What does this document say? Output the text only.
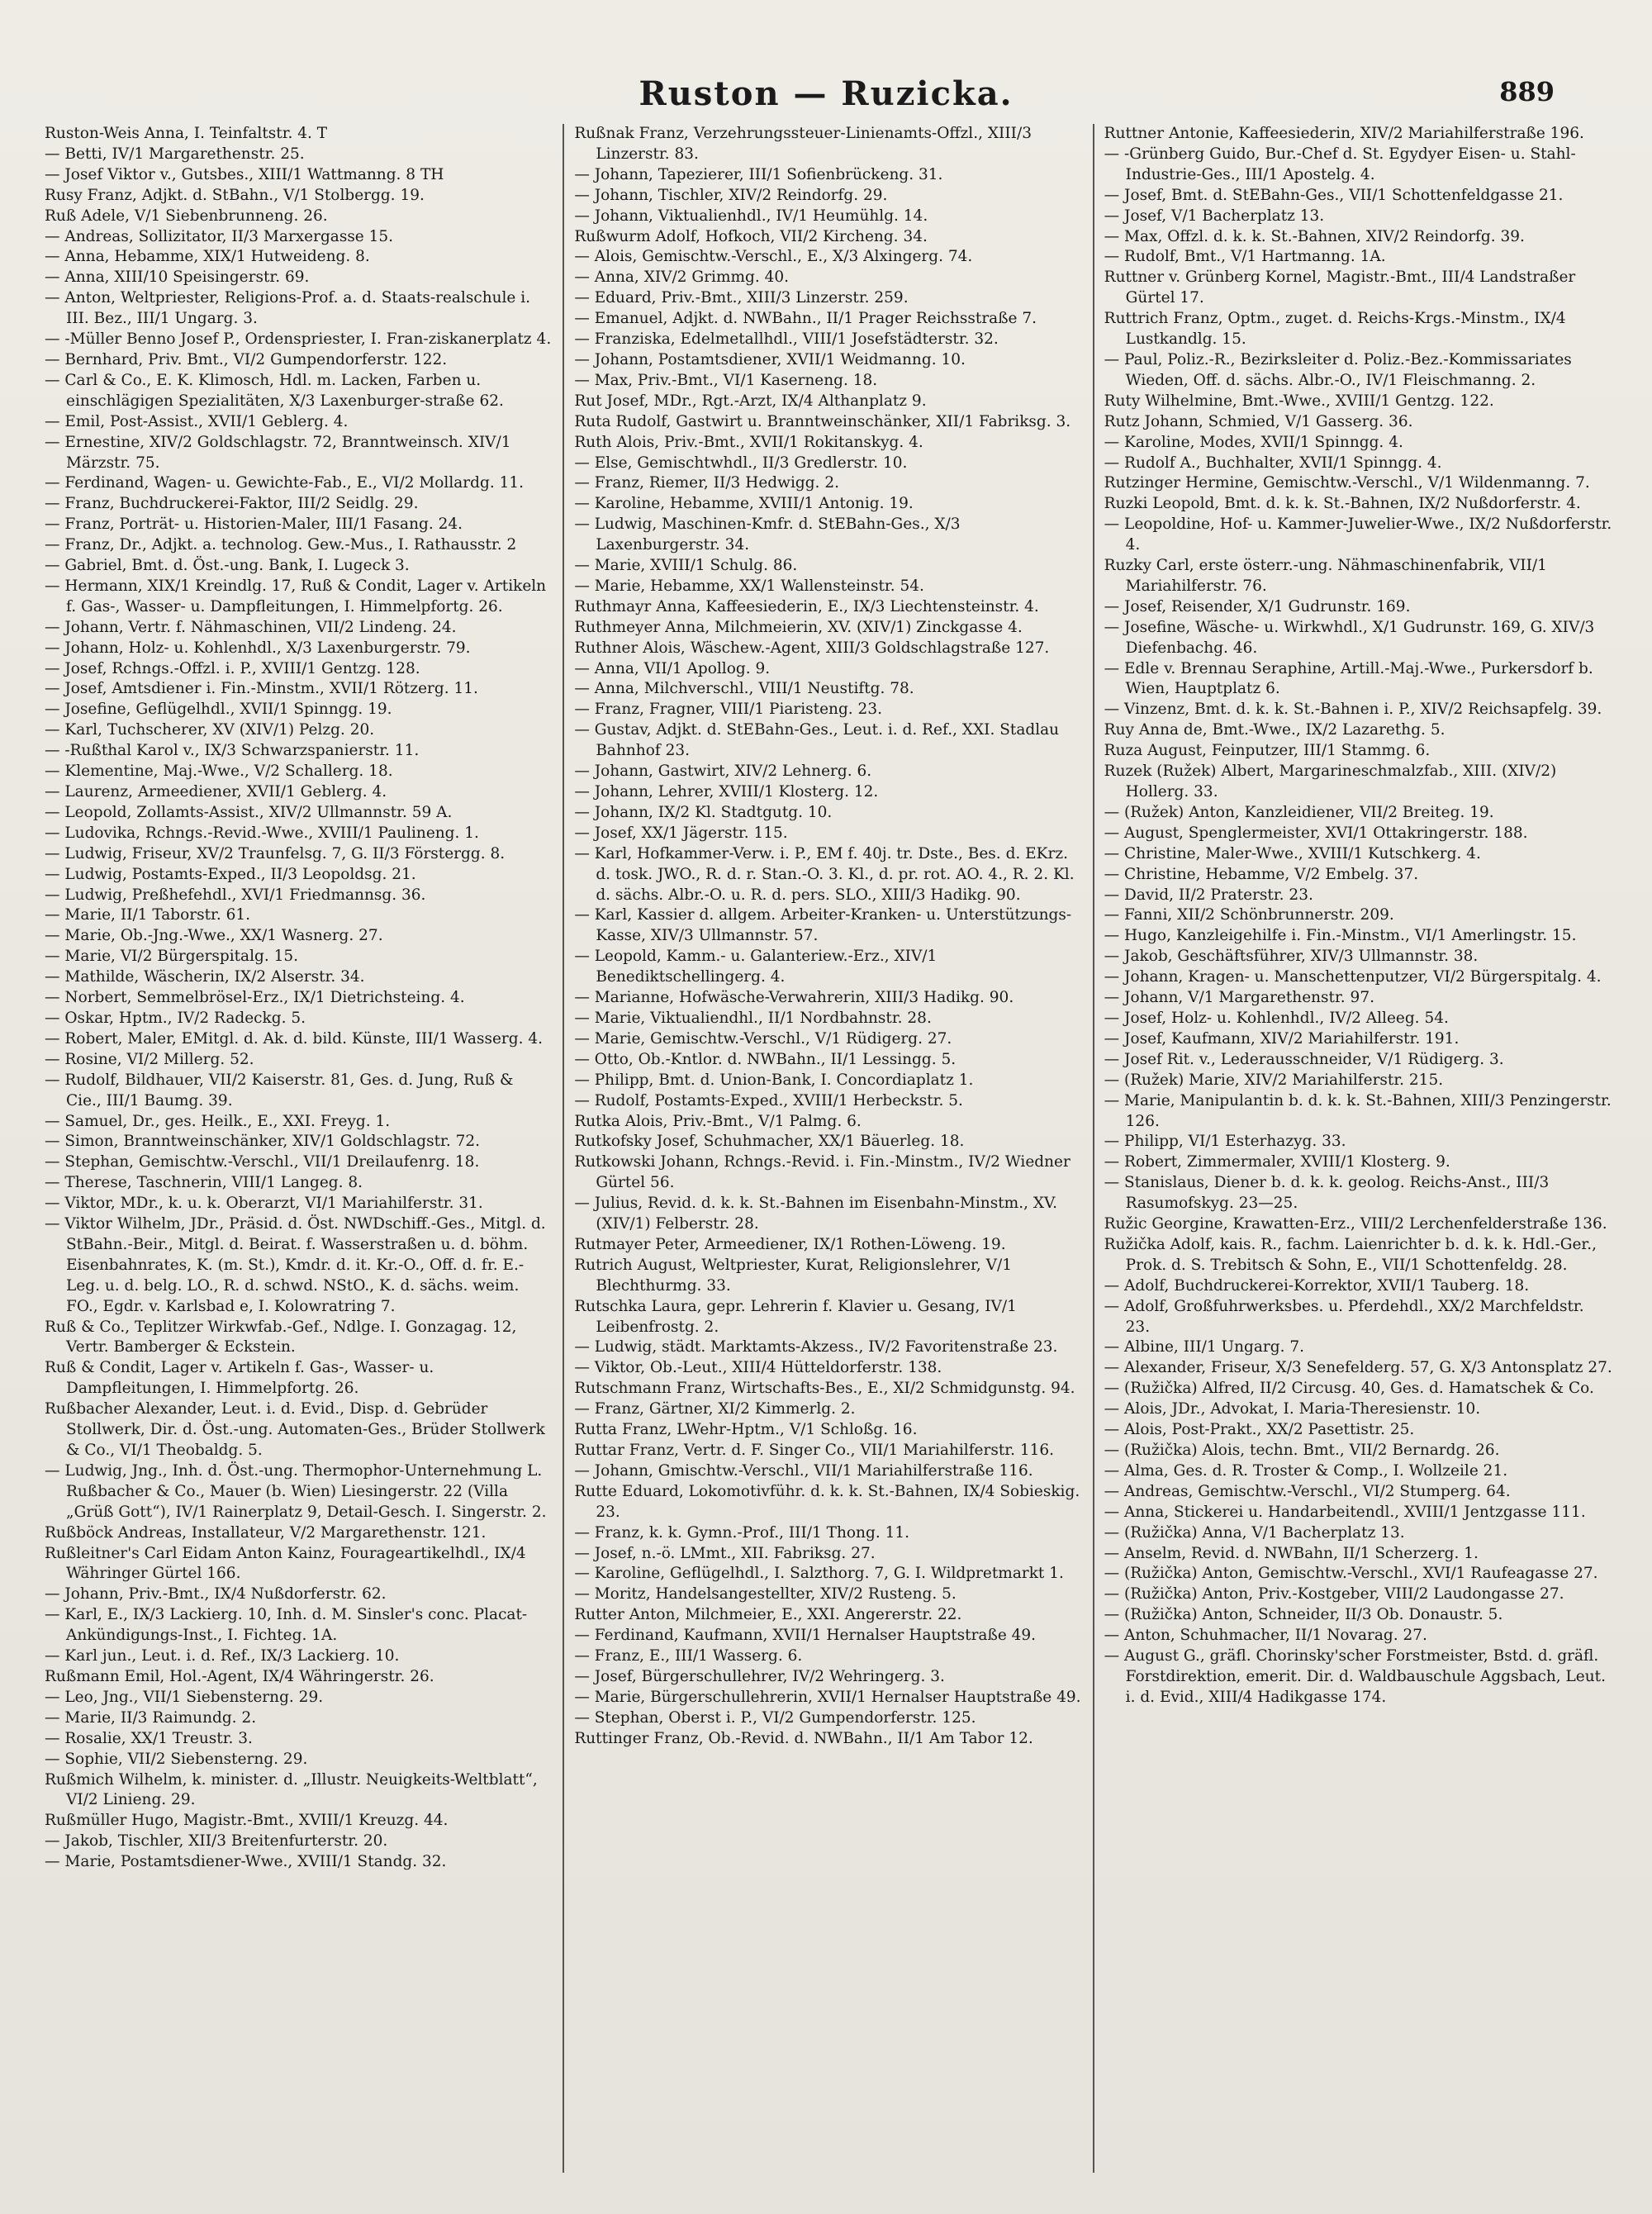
Ruston — Ruzicka.	889

Ruston-Weis Anna, I. Teinfaltstr. 4. T

— Betti, IV/1 Margarethenstr. 25.

— Josef Viktor v., Gutsbes., XIII/1 Wattmanng. 8 TH

Rusy Franz, Adjkt. d. StBahn., V/1 Stolbergg. 19.

Ruß Adele, V/1 Siebenbrunneng. 26.

— Andreas, Sollizitator, II/3 Marxergasse 15.

— Anna, Hebamme, XIX/1 Hutweideng. 8.

— Anna, XIII/10 Speisingerstr. 69.

— Anton, Weltpriester, Religions-Prof. a. d. Staats-realschule i. III. Bez., III/1 Ungarg. 3.

— -Müller Benno Josef P., Ordenspriester, I. Fran-ziskanerplatz 4.

— Bernhard, Priv. Bmt., VI/2 Gumpendorferstr. 122.

— Carl & Co., E. K. Klimosch, Hdl. m. Lacken, Farben u. einschlägigen Spezialitäten, X/3 Laxenburger-straße 62.

— Emil, Post-Assist., XVII/1 Geblerg. 4.

— Ernestine, XIV/2 Goldschlagstr. 72, Branntweinsch. XIV/1 Märzstr. 75.

— Ferdinand, Wagen- u. Gewichte-Fab., E., VI/2 Mollardg. 11.

— Franz, Buchdruckerei-Faktor, III/2 Seidlg. 29.

— Franz, Porträt- u. Historien-Maler, III/1 Fasang. 24.

— Franz, Dr., Adjkt. a. technolog. Gew.-Mus., I. Rathausstr. 2

— Gabriel, Bmt. d. Öst.-ung. Bank, I. Lugeck 3.

— Hermann, XIX/1 Kreindlg. 17, Ruß & Condit, Lager v. Artikeln f. Gas-, Wasser- u. Dampfleitungen, I. Himmelpfortg. 26.

— Johann, Vertr. f. Nähmaschinen, VII/2 Lindeng. 24.

— Johann, Holz- u. Kohlenhdl., X/3 Laxenburgerstr. 79.

— Josef, Rchngs.-Offzl. i. P., XVIII/1 Gentzg. 128.

— Josef, Amtsdiener i. Fin.-Minstm., XVII/1 Rötzerg. 11.

— Josefine, Geflügelhdl., XVII/1 Spinngg. 19.

— Karl, Tuchscherer, XV (XIV/1) Pelzg. 20.

— -Rußthal Karol v., IX/3 Schwarzspanierstr. 11.

— Klementine, Maj.-Wwe., V/2 Schallerg. 18.

— Laurenz, Armeediener, XVII/1 Geblerg. 4.

— Leopold, Zollamts-Assist., XIV/2 Ullmannstr. 59 A.

— Ludovika, Rchngs.-Revid.-Wwe., XVIII/1 Paulineng. 1.

— Ludwig, Friseur, XV/2 Traunfelsg. 7, G. II/3 Förstergg. 8.

— Ludwig, Postamts-Exped., II/3 Leopoldsg. 21.

— Ludwig, Preßhefehdl., XVI/1 Friedmannsg. 36.

— Marie, II/1 Taborstr. 61.

— Marie, Ob.-Jng.-Wwe., XX/1 Wasnerg. 27.

— Marie, VI/2 Bürgerspitalg. 15.

— Mathilde, Wäscherin, IX/2 Alserstr. 34.

— Norbert, Semmelbrösel-Erz., IX/1 Dietrichsteing. 4.

— Oskar, Hptm., IV/2 Radeckg. 5.

— Robert, Maler, EMitgl. d. Ak. d. bild. Künste, III/1 Wasserg. 4.

— Rosine, VI/2 Millerg. 52.

— Rudolf, Bildhauer, VII/2 Kaiserstr. 81, Ges. d. Jung, Ruß & Cie., III/1 Baumg. 39.

— Samuel, Dr., ges. Heilk., E., XXI. Freyg. 1.

— Simon, Branntweinschänker, XIV/1 Goldschlagstr. 72.

— Stephan, Gemischtw.-Verschl., VII/1 Dreilaufenrg. 18.

— Therese, Taschnerin, VIII/1 Langeg. 8.

— Viktor, MDr., k. u. k. Oberarzt, VI/1 Mariahilferstr. 31.

— Viktor Wilhelm, JDr., Präsid. d. Öst. NWDschiff.-Ges., Mitgl. d. StBahn.-Beir., Mitgl. d. Beirat. f. Wasserstraßen u. d. böhm. Eisenbahnrates, K. (m. St.), Kmdr. d. it. Kr.-O., Off. d. fr. E.-Leg. u. d. belg. LO., R. d. schwd. NStO., K. d. sächs. weim. FO., Egdr. v. Karlsbad e, I. Kolowratring 7.

Ruß & Co., Teplitzer Wirkwfab.-Gef., Ndlge. I. Gonzagag. 12, Vertr. Bamberger & Eckstein.

Ruß & Condit, Lager v. Artikeln f. Gas-, Wasser- u. Dampfleitungen, I. Himmelpfortg. 26.

Rußbacher Alexander, Leut. i. d. Evid., Disp. d. Gebrüder Stollwerk, Dir. d. Öst.-ung. Automaten-Ges., Brüder Stollwerk & Co., VI/1 Theobaldg. 5.

— Ludwig, Jng., Inh. d. Öst.-ung. Thermophor-Unternehmung L. Rußbacher & Co., Mauer (b. Wien) Liesingerstr. 22 (Villa „Grüß Gott“), IV/1 Rainerplatz 9, Detail-Gesch. I. Singerstr. 2.

Rußböck Andreas, Installateur, V/2 Margarethenstr. 121.

Rußleitner's Carl Eidam Anton Kainz, Fourageartikelhdl., IX/4 Währinger Gürtel 166.

— Johann, Priv.-Bmt., IX/4 Nußdorferstr. 62.

— Karl, E., IX/3 Lackierg. 10, Inh. d. M. Sinsler's conc. Placat-Ankündigungs-Inst., I. Fichteg. 1A.

— Karl jun., Leut. i. d. Ref., IX/3 Lackierg. 10.

Rußmann Emil, Hol.-Agent, IX/4 Währingerstr. 26.

— Leo, Jng., VII/1 Siebensterng. 29.

— Marie, II/3 Raimundg. 2.

— Rosalie, XX/1 Treustr. 3.

— Sophie, VII/2 Siebensterng. 29.

Rußmich Wilhelm, k. minister. d. „Illustr. Neuigkeits-Weltblatt“, VI/2 Linieng. 29.

Rußmüller Hugo, Magistr.-Bmt., XVIII/1 Kreuzg. 44.

— Jakob, Tischler, XII/3 Breitenfurterstr. 20.

— Marie, Postamtsdiener-Wwe., XVIII/1 Standg. 32.

Rußnak Franz, Verzehrungssteuer-Linienamts-Offzl., XIII/3 Linzerstr. 83.

— Johann, Tapezierer, III/1 Sofienbrückeng. 31.

— Johann, Tischler, XIV/2 Reindorfg. 29.

— Johann, Viktualienhdl., IV/1 Heumühlg. 14.

Rußwurm Adolf, Hofkoch, VII/2 Kircheng. 34.

— Alois, Gemischtw.-Verschl., E., X/3 Alxingerg. 74.

— Anna, XIV/2 Grimmg. 40.

— Eduard, Priv.-Bmt., XIII/3 Linzerstr. 259.

— Emanuel, Adjkt. d. NWBahn., II/1 Prager Reichsstraße 7.

— Franziska, Edelmetallhdl., VIII/1 Josefstädterstr. 32.

— Johann, Postamtsdiener, XVII/1 Weidmanng. 10.

— Max, Priv.-Bmt., VI/1 Kaserneng. 18.

Rut Josef, MDr., Rgt.-Arzt, IX/4 Althanplatz 9.

Ruta Rudolf, Gastwirt u. Branntweinschänker, XII/1 Fabriksg. 3.

Ruth Alois, Priv.-Bmt., XVII/1 Rokitanskyg. 4.

— Else, Gemischtwhdl., II/3 Gredlerstr. 10.

— Franz, Riemer, II/3 Hedwigg. 2.

— Karoline, Hebamme, XVIII/1 Antonig. 19.

— Ludwig, Maschinen-Kmfr. d. StEBahn-Ges., X/3 Laxenburgerstr. 34.

— Marie, XVIII/1 Schulg. 86.

— Marie, Hebamme, XX/1 Wallensteinstr. 54.

Ruthmayr Anna, Kaffeesiederin, E., IX/3 Liechtensteinstr. 4.

Ruthmeyer Anna, Milchmeierin, XV. (XIV/1) Zinckgasse 4.

Ruthner Alois, Wäschew.-Agent, XIII/3 Goldschlagstraße 127.

— Anna, VII/1 Apollog. 9.

— Anna, Milchverschl., VIII/1 Neustiftg. 78.

— Franz, Fragner, VIII/1 Piaristeng. 23.

— Gustav, Adjkt. d. StEBahn-Ges., Leut. i. d. Ref., XXI. Stadlau Bahnhof 23.

— Johann, Gastwirt, XIV/2 Lehnerg. 6.

— Johann, Lehrer, XVIII/1 Klosterg. 12.

— Johann, IX/2 Kl. Stadtgutg. 10.

— Josef, XX/1 Jägerstr. 115.

— Karl, Hofkammer-Verw. i. P., EM f. 40j. tr. Dste., Bes. d. EKrz. d. tosk. JWO., R. d. r. Stan.-O. 3. Kl., d. pr. rot. AO. 4., R. 2. Kl. d. sächs. Albr.-O. u. R. d. pers. SLO., XIII/3 Hadikg. 90.

— Karl, Kassier d. allgem. Arbeiter-Kranken- u. Unterstützungs-Kasse, XIV/3 Ullmannstr. 57.

— Leopold, Kamm.- u. Galanteriew.-Erz., XIV/1 Benediktschellingerg. 4.

— Marianne, Hofwäsche-Verwahrerin, XIII/3 Hadikg. 90.

— Marie, Viktualiendhl., II/1 Nordbahnstr. 28.

— Marie, Gemischtw.-Verschl., V/1 Rüdigerg. 27.

— Otto, Ob.-Kntlor. d. NWBahn., II/1 Lessingg. 5.

— Philipp, Bmt. d. Union-Bank, I. Concordiaplatz 1.

— Rudolf, Postamts-Exped., XVIII/1 Herbeckstr. 5.

Rutka Alois, Priv.-Bmt., V/1 Palmg. 6.

Rutkofsky Josef, Schuhmacher, XX/1 Bäuerleg. 18.

Rutkowski Johann, Rchngs.-Revid. i. Fin.-Minstm., IV/2 Wiedner Gürtel 56.

— Julius, Revid. d. k. k. St.-Bahnen im Eisenbahn-Minstm., XV. (XIV/1) Felberstr. 28.

Rutmayer Peter, Armeediener, IX/1 Rothen-Löweng. 19.

Rutrich August, Weltpriester, Kurat, Religionslehrer, V/1 Blechthurmg. 33.

Rutschka Laura, gepr. Lehrerin f. Klavier u. Gesang, IV/1 Leibenfrostg. 2.

— Ludwig, städt. Marktamts-Akzess., IV/2 Favoritenstraße 23.

— Viktor, Ob.-Leut., XIII/4 Hütteldorferstr. 138.

Rutschmann Franz, Wirtschafts-Bes., E., XI/2 Schmidgunstg. 94.

— Franz, Gärtner, XI/2 Kimmerlg. 2.

Rutta Franz, LWehr-Hptm., V/1 Schloßg. 16.

Ruttar Franz, Vertr. d. F. Singer Co., VII/1 Mariahilferstr. 116.

— Johann, Gmischtw.-Verschl., VII/1 Mariahilferstraße 116.

Rutte Eduard, Lokomotivführ. d. k. k. St.-Bahnen, IX/4 Sobieskig. 23.

— Franz, k. k. Gymn.-Prof., III/1 Thong. 11.

— Josef, n.-ö. LMmt., XII. Fabriksg. 27.

— Karoline, Geflügelhdl., I. Salzthorg. 7, G. I. Wildpretmarkt 1.

— Moritz, Handelsangestellter, XIV/2 Rusteng. 5.

Rutter Anton, Milchmeier, E., XXI. Angererstr. 22.

— Ferdinand, Kaufmann, XVII/1 Hernalser Hauptstraße 49.

— Franz, E., III/1 Wasserg. 6.

— Josef, Bürgerschullehrer, IV/2 Wehringerg. 3.

— Marie, Bürgerschullehrerin, XVII/1 Hernalser Hauptstraße 49.

— Stephan, Oberst i. P., VI/2 Gumpendorferstr. 125.

Ruttinger Franz, Ob.-Revid. d. NWBahn., II/1 Am Tabor 12.

Ruttner Antonie, Kaffeesiederin, XIV/2 Mariahilferstraße 196.

— -Grünberg Guido, Bur.-Chef d. St. Egydyer Eisen- u. Stahl-Industrie-Ges., III/1 Apostelg. 4.

— Josef, Bmt. d. StEBahn-Ges., VII/1 Schottenfeldgasse 21.

— Josef, V/1 Bacherplatz 13.

— Max, Offzl. d. k. k. St.-Bahnen, XIV/2 Reindorfg. 39.

— Rudolf, Bmt., V/1 Hartmanng. 1A.

Ruttner v. Grünberg Kornel, Magistr.-Bmt., III/4 Landstraßer Gürtel 17.

Ruttrich Franz, Optm., zuget. d. Reichs-Krgs.-Minstm., IX/4 Lustkandlg. 15.

— Paul, Poliz.-R., Bezirksleiter d. Poliz.-Bez.-Kommissariates Wieden, Off. d. sächs. Albr.-O., IV/1 Fleischmanng. 2.

Ruty Wilhelmine, Bmt.-Wwe., XVIII/1 Gentzg. 122.

Rutz Johann, Schmied, V/1 Gasserg. 36.

— Karoline, Modes, XVII/1 Spinngg. 4.

— Rudolf A., Buchhalter, XVII/1 Spinngg. 4.

Rutzinger Hermine, Gemischtw.-Verschl., V/1 Wildenmanng. 7.

Ruzki Leopold, Bmt. d. k. k. St.-Bahnen, IX/2 Nußdorferstr. 4.

— Leopoldine, Hof- u. Kammer-Juwelier-Wwe., IX/2 Nußdorferstr. 4.

Ruzky Carl, erste österr.-ung. Nähmaschinenfabrik, VII/1 Mariahilferstr. 76.

— Josef, Reisender, X/1 Gudrunstr. 169.

— Josefine, Wäsche- u. Wirkwhdl., X/1 Gudrunstr. 169, G. XIV/3 Diefenbachg. 46.

— Edle v. Brennau Seraphine, Artill.-Maj.-Wwe., Purkersdorf b. Wien, Hauptplatz 6.

— Vinzenz, Bmt. d. k. k. St.-Bahnen i. P., XIV/2 Reichsapfelg. 39.

Ruy Anna de, Bmt.-Wwe., IX/2 Lazarethg. 5.

Ruza August, Feinputzer, III/1 Stammg. 6.

Ruzek (Ružek) Albert, Margarineschmalzfab., XIII. (XIV/2) Hollerg. 33.

— (Ružek) Anton, Kanzleidiener, VII/2 Breiteg. 19.

— August, Spenglermeister, XVI/1 Ottakringerstr. 188.

— Christine, Maler-Wwe., XVIII/1 Kutschkerg. 4.

— Christine, Hebamme, V/2 Embelg. 37.

— David, II/2 Praterstr. 23.

— Fanni, XII/2 Schönbrunnerstr. 209.

— Hugo, Kanzleigehilfe i. Fin.-Minstm., VI/1 Amerlingstr. 15.

— Jakob, Geschäftsführer, XIV/3 Ullmannstr. 38.

— Johann, Kragen- u. Manschettenputzer, VI/2 Bürgerspitalg. 4.

— Johann, V/1 Margarethenstr. 97.

— Josef, Holz- u. Kohlenhdl., IV/2 Alleeg. 54.

— Josef, Kaufmann, XIV/2 Mariahilferstr. 191.

— Josef Rit. v., Lederausschneider, V/1 Rüdigerg. 3.

— (Ružek) Marie, XIV/2 Mariahilferstr. 215.

— Marie, Manipulantin b. d. k. k. St.-Bahnen, XIII/3 Penzingerstr. 126.

— Philipp, VI/1 Esterhazyg. 33.

— Robert, Zimmermaler, XVIII/1 Klosterg. 9.

— Stanislaus, Diener b. d. k. k. geolog. Reichs-Anst., III/3 Rasumofskyg. 23—25.

Ružic Georgine, Krawatten-Erz., VIII/2 Lerchenfelderstraße 136.

Ružička Adolf, kais. R., fachm. Laienrichter b. d. k. k. Hdl.-Ger., Prok. d. S. Trebitsch & Sohn, E., VII/1 Schottenfeldg. 28.

— Adolf, Buchdruckerei-Korrektor, XVII/1 Tauberg. 18.

— Adolf, Großfuhrwerksbes. u. Pferdehdl., XX/2 Marchfeldstr. 23.

— Albine, III/1 Ungarg. 7.

— Alexander, Friseur, X/3 Senefelderg. 57, G. X/3 Antonsplatz 27.

— (Ružička) Alfred, II/2 Circusg. 40, Ges. d. Hamatschek & Co.

— Alois, JDr., Advokat, I. Maria-Theresienstr. 10.

— Alois, Post-Prakt., XX/2 Pasettistr. 25.

— (Ružička) Alois, techn. Bmt., VII/2 Bernardg. 26.

— Alma, Ges. d. R. Troster & Comp., I. Wollzeile 21.

— Andreas, Gemischtw.-Verschl., VI/2 Stumperg. 64.

— Anna, Stickerei u. Handarbeitendl., XVIII/1 Jentzgasse 111.

— (Ružička) Anna, V/1 Bacherplatz 13.

— Anselm, Revid. d. NWBahn, II/1 Scherzerg. 1.

— (Ružička) Anton, Gemischtw.-Verschl., XVI/1 Raufeagasse 27.

— (Ružička) Anton, Priv.-Kostgeber, VIII/2 Laudongasse 27.

— (Ružička) Anton, Schneider, II/3 Ob. Donaustr. 5.

— Anton, Schuhmacher, II/1 Novarag. 27.

— August G., gräfl. Chorinsky'scher Forstmeister, Bstd. d. gräfl. Forstdirektion, emerit. Dir. d. Waldbauschule Aggsbach, Leut. i. d. Evid., XIII/4 Hadikgasse 174.
